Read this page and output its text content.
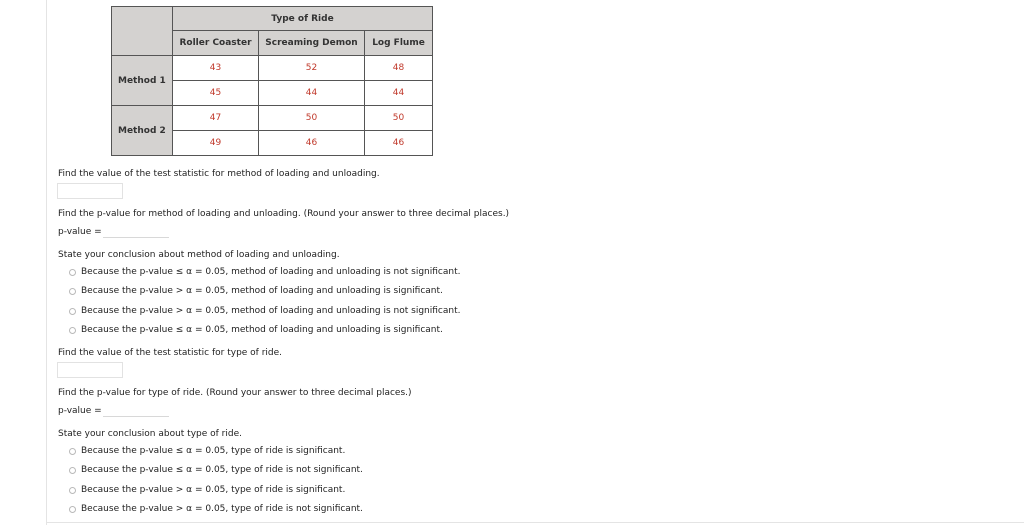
	Type of Ride		
	Roller Coaster	Screaming Demon	Log Flume
Method 1	43	52	48
	45	44	44
Method 2	47	50	50
	49	46	46
Find the value of the test statistic for method of loading and unloading.
Find the p-value for method of loading and unloading. (Round your answer to three decimal places.)
p-value =
State your conclusion about method of loading and unloading.
Because the p-value ≤ α = 0.05, method of loading and unloading is not significant.
Because the p-value > α = 0.05, method of loading and unloading is significant.
Because the p-value > α = 0.05, method of loading and unloading is not significant.
Because the p-value ≤ α = 0.05, method of loading and unloading is significant.
Find the value of the test statistic for type of ride.
Find the p-value for type of ride. (Round your answer to three decimal places.)
p-value =
State your conclusion about type of ride.
Because the p-value ≤ α = 0.05, type of ride is significant.
Because the p-value ≤ α = 0.05, type of ride is not significant.
Because the p-value > α = 0.05, type of ride is significant.
Because the p-value > α = 0.05, type of ride is not significant.
